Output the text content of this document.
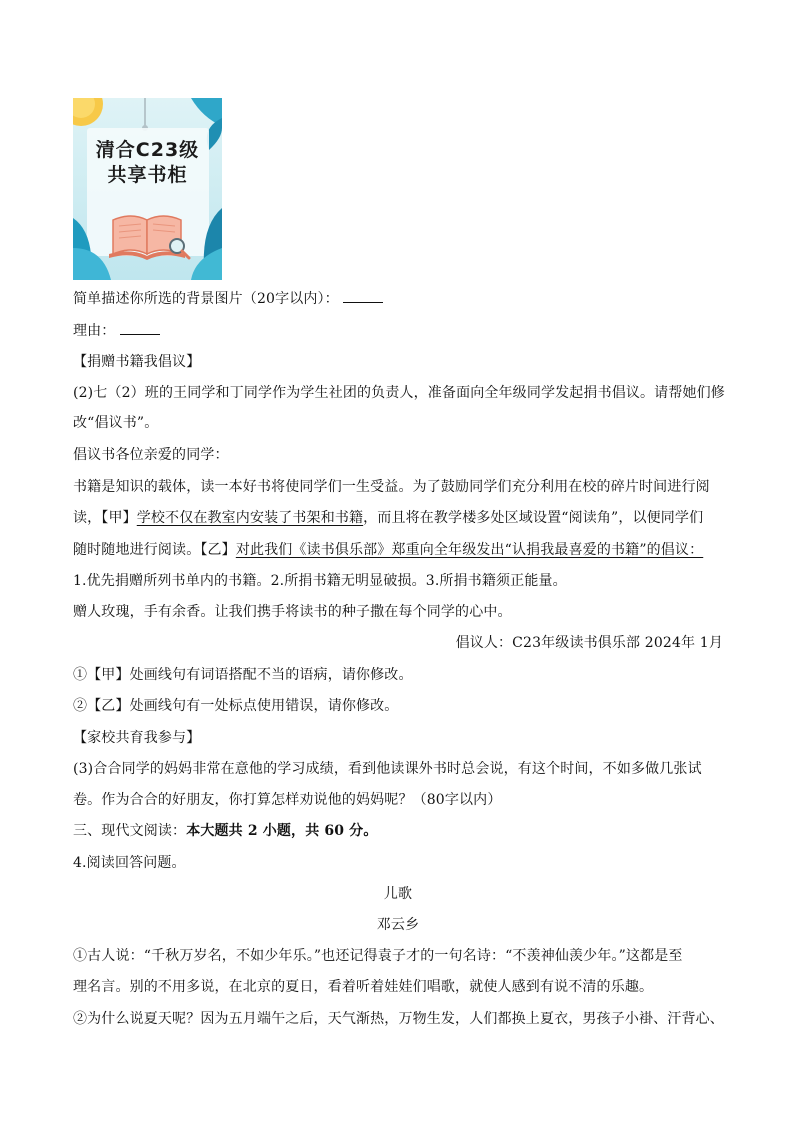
清合C23级
共享书柜
简单描述你所选的背景图片（20字以内）：
理由：
【捐赠书籍我倡议】
(2)七（2）班的王同学和丁同学作为学生社团的负责人，准备面向全年级同学发起捐书倡议。请帮她们修
改“倡议书”。
倡议书各位亲爱的同学：
书籍是知识的载体，读一本好书将使同学们一生受益。为了鼓励同学们充分利用在校的碎片时间进行阅
读，【甲】学校不仅在教室内安装了书架和书籍，而且将在教学楼多处区域设置“阅读角”，以便同学们
随时随地进行阅读。【乙】对此我们《读书俱乐部》郑重向全年级发出“认捐我最喜爱的书籍”的倡议：
1.优先捐赠所列书单内的书籍。2.所捐书籍无明显破损。3.所捐书籍须正能量。
赠人玫瑰，手有余香。让我们携手将读书的种子撒在每个同学的心中。
倡议人：C23年级读书俱乐部 2024年 1月
①【甲】处画线句有词语搭配不当的语病，请你修改。
②【乙】处画线句有一处标点使用错误，请你修改。
【家校共育我参与】
(3)合合同学的妈妈非常在意他的学习成绩，看到他读课外书时总会说，有这个时间，不如多做几张试
卷。作为合合的好朋友，你打算怎样劝说他的妈妈呢？（80字以内）
三、现代文阅读：本大题共 2 小题，共 60 分。
4.阅读回答问题。
儿歌
邓云乡
①古人说：“千秋万岁名，不如少年乐。”也还记得袁子才的一句名诗：“不羡神仙羡少年。”这都是至
理名言。别的不用多说，在北京的夏日，看着听着娃娃们唱歌，就使人感到有说不清的乐趣。
②为什么说夏天呢？因为五月端午之后，天气渐热，万物生发，人们都换上夏衣，男孩子小褂、汗背心、
